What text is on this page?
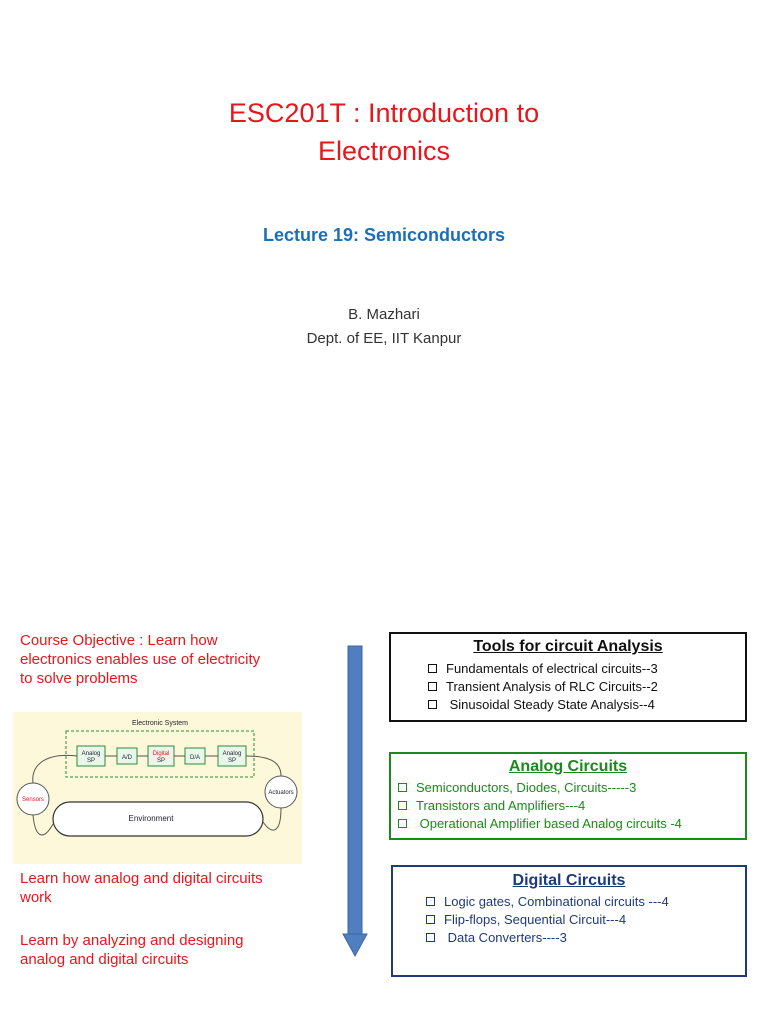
ESC201T : Introduction to
Electronics
Lecture 19: Semiconductors
B. Mazhari
Dept. of EE, IIT Kanpur
Course Objective : Learn how
electronics enables use of electricity
to solve problems
Electronic System
Analog
SP	A/D
Digital
SP	D/A
Analog
SP
Sensors
Actuators
Environment
Learn how analog and digital circuits
work
Learn by analyzing and designing
analog and digital circuits
Tools for circuit Analysis
Fundamentals of electrical circuits--3
Transient Analysis of RLC Circuits--2
Sinusoidal Steady State Analysis--4
Analog Circuits
Semiconductors, Diodes, Circuits-----3
Transistors and Amplifiers---4
Operational Amplifier based Analog circuits -4
Digital Circuits
Logic gates, Combinational circuits ---4
Flip-flops, Sequential Circuit---4
Data Converters----3
